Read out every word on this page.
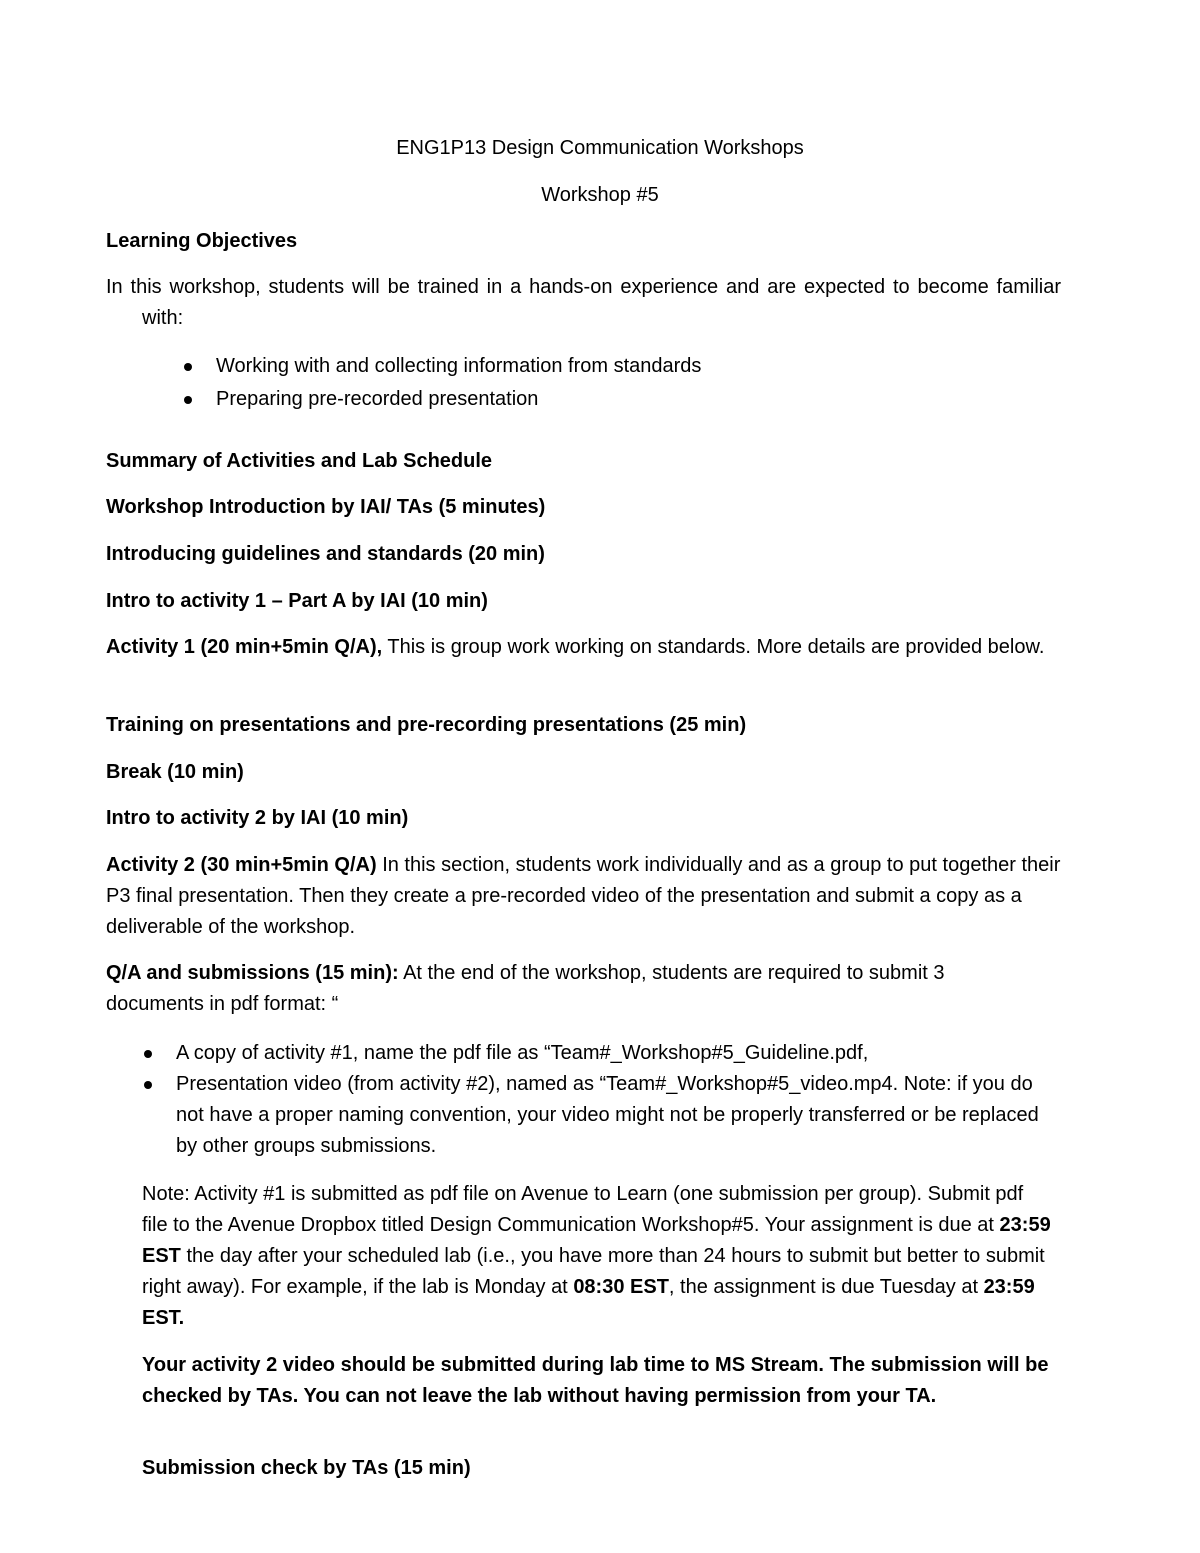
ENG1P13 Design Communication Workshops

Workshop #5

Learning Objectives

In this workshop, students will be trained in a hands-on experience and are expected to become familiar with:

Working with and collecting information from standards
Preparing pre-recorded presentation

Summary of Activities and Lab Schedule

Workshop Introduction by IAI/ TAs (5 minutes)

Introducing guidelines and standards (20 min)

Intro to activity 1 – Part A by IAI (10 min)

Activity 1 (20 min+5min Q/A), This is group work working on standards. More details are provided below.

Training on presentations and pre-recording presentations (25 min)

Break (10 min)

Intro to activity 2 by IAI (10 min)

Activity 2 (30 min+5min Q/A) In this section, students work individually and as a group to put together their P3 final presentation. Then they create a pre-recorded video of the presentation and submit a copy as a deliverable of the workshop.

Q/A and submissions (15 min): At the end of the workshop, students are required to submit 3 documents in pdf format: “

A copy of activity #1, name the pdf file as “Team#_Workshop#5_Guideline.pdf,
Presentation video (from activity #2), named as “Team#_Workshop#5_video.mp4. Note: if you do not have a proper naming convention, your video might not be properly transferred or be replaced by other groups submissions.

Note: Activity #1 is submitted as pdf file on Avenue to Learn (one submission per group). Submit pdf file to the Avenue Dropbox titled Design Communication Workshop#5. Your assignment is due at 23:59 EST the day after your scheduled lab (i.e., you have more than 24 hours to submit but better to submit right away). For example, if the lab is Monday at 08:30 EST, the assignment is due Tuesday at 23:59 EST.

Your activity 2 video should be submitted during lab time to MS Stream. The submission will be checked by TAs. You can not leave the lab without having permission from your TA.

Submission check by TAs (15 min)
